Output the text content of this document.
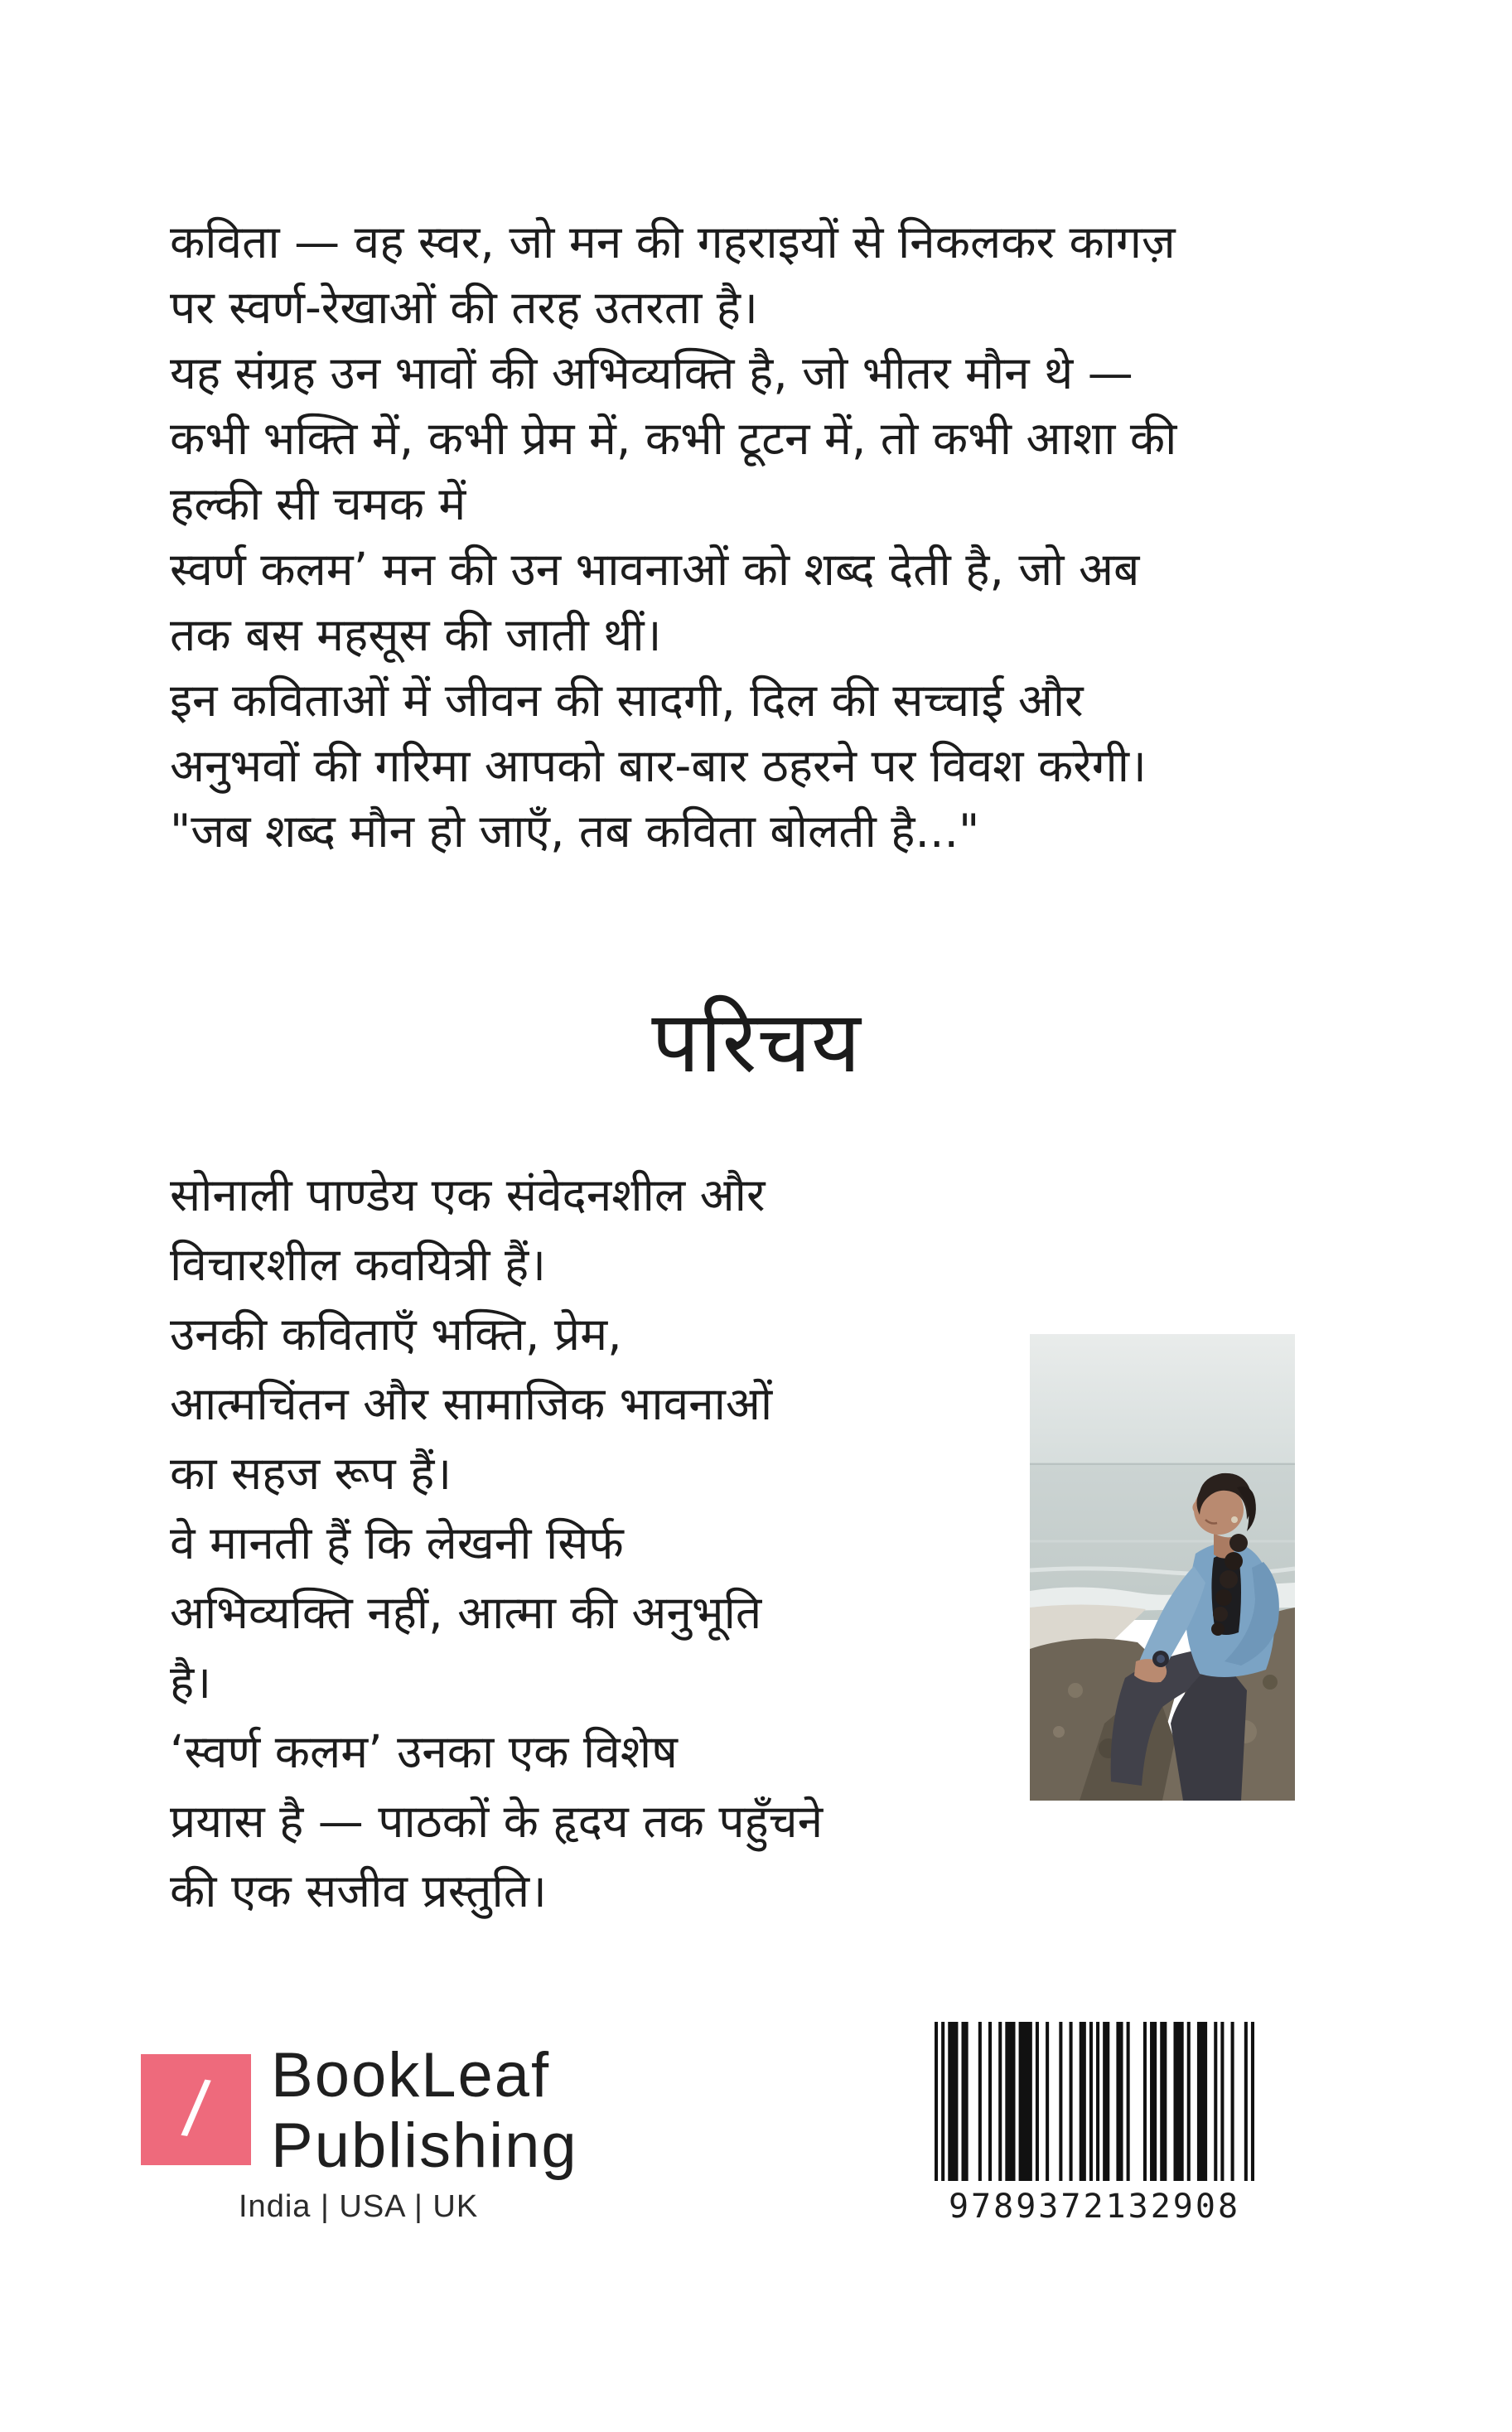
कविता — वह स्वर, जो मन की गहराइयों से निकलकर कागज़
पर स्वर्ण-रेखाओं की तरह उतरता है।
यह संग्रह उन भावों की अभिव्यक्ति है, जो भीतर मौन थे —
कभी भक्ति में, कभी प्रेम में, कभी टूटन में, तो कभी आशा की
हल्की सी चमक में
स्वर्ण कलम’ मन की उन भावनाओं को शब्द देती है, जो अब
तक बस महसूस की जाती थीं।
इन कविताओं में जीवन की सादगी, दिल की सच्चाई और
अनुभवों की गरिमा आपको बार-बार ठहरने पर विवश करेगी।
"जब शब्द मौन हो जाएँ, तब कविता बोलती है..."
परिचय
सोनाली पाण्डेय एक संवेदनशील और
विचारशील कवयित्री हैं।
उनकी कविताएँ भक्ति, प्रेम,
आत्मचिंतन और सामाजिक भावनाओं
का सहज रूप हैं।
वे मानती हैं कि लेखनी सिर्फ
अभिव्यक्ति नहीं, आत्मा की अनुभूति
है।
‘स्वर्ण कलम’ उनका एक विशेष
प्रयास है — पाठकों के हृदय तक पहुँचने
की एक सजीव प्रस्तुति।
/ BookLeaf
Publishing
India | USA | UK	9789372132908
